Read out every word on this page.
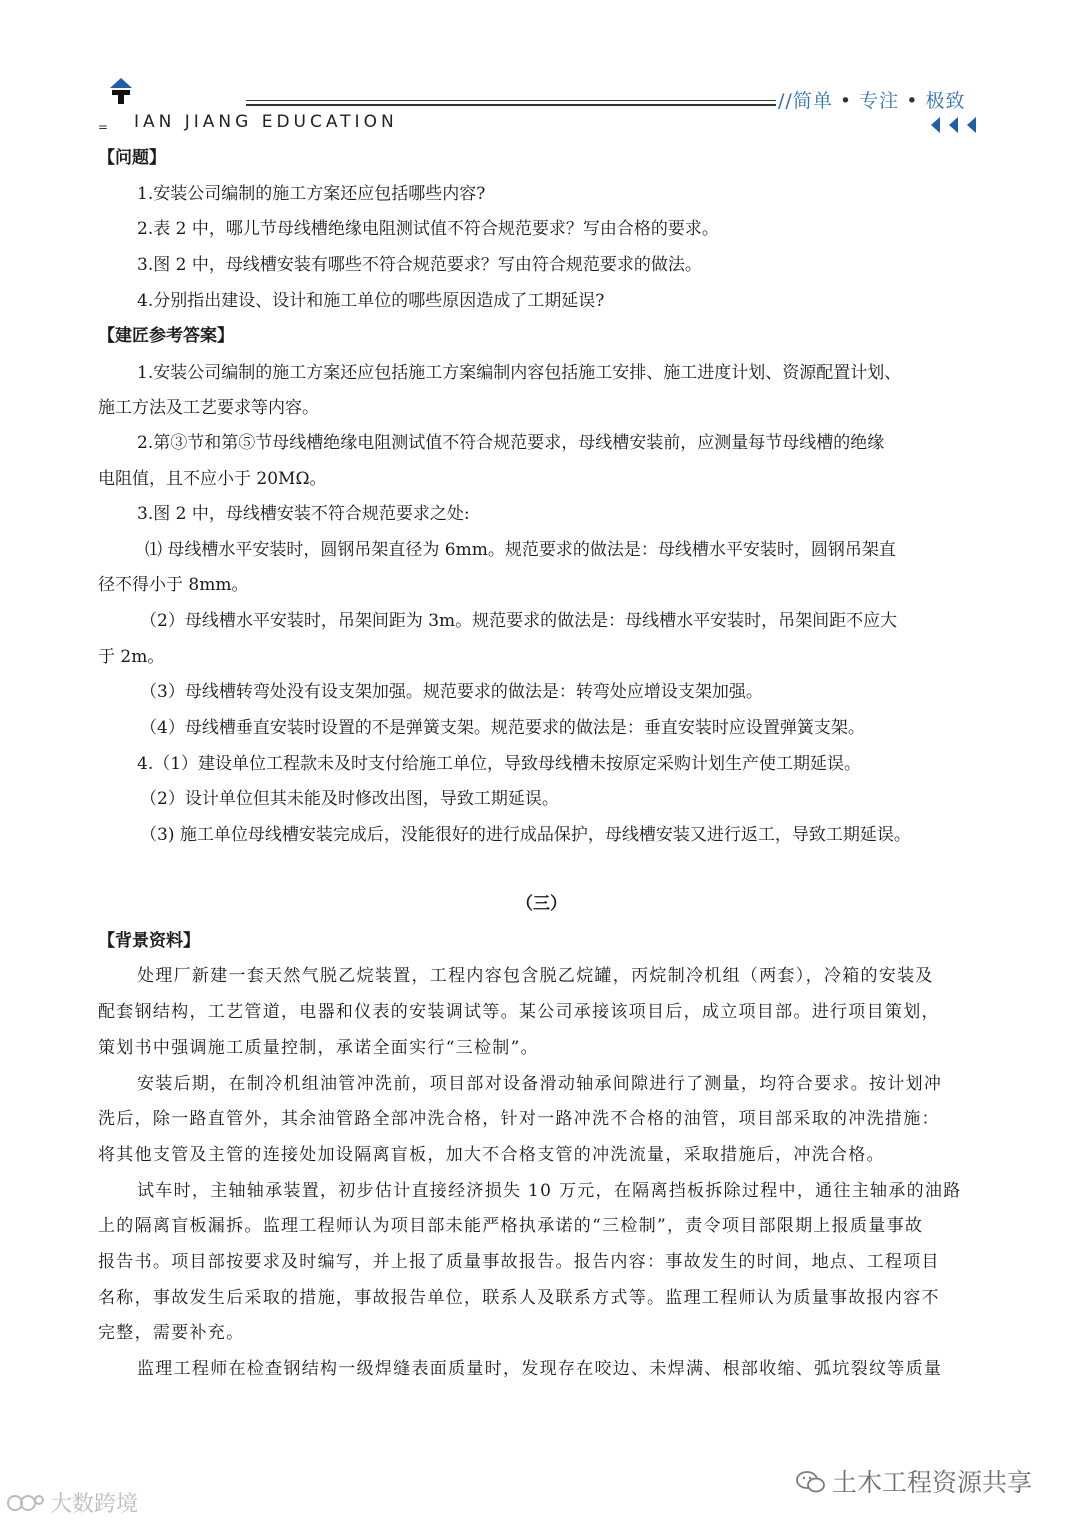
= IAN JIANG EDUCATION
//简单 • 专注 • 极致
【问题】
1.安装公司编制的施工方案还应包括哪些内容?
2.表 2 中，哪儿节母线槽绝缘电阻测试值不符合规范要求？写由合格的要求。
3.图 2 中，母线槽安装有哪些不符合规范要求？写由符合规范要求的做法。
4.分别指出建设、设计和施工单位的哪些原因造成了工期延误?
【建匠参考答案】
1.安装公司编制的施工方案还应包括施工方案编制内容包括施工安排、施工进度计划、资源配置计划、
施工方法及工艺要求等内容。
2.第③节和第⑤节母线槽绝缘电阻测试值不符合规范要求，母线槽安装前，应测量每节母线槽的绝缘
电阻值，且不应小于 20MΩ。
3.图 2 中，母线槽安装不符合规范要求之处:
⑴ 母线槽水平安装时，圆钢吊架直径为 6mm。规范要求的做法是：母线槽水平安装时，圆钢吊架直
径不得小于 8mm。
（2）母线槽水平安装时，吊架间距为 3m。规范要求的做法是：母线槽水平安装时，吊架间距不应大
于 2m。
（3）母线槽转弯处没有设支架加强。规范要求的做法是：转弯处应增设支架加强。
（4）母线槽垂直安装时设置的不是弹簧支架。规范要求的做法是：垂直安装时应设置弹簧支架。
4.（1）建设单位工程款未及时支付给施工单位，导致母线槽未按原定采购计划生产使工期延误。
（2）设计单位但其未能及时修改出图，导致工期延误。
（3) 施工单位母线槽安装完成后，没能很好的进行成品保护，母线槽安装又进行返工，导致工期延误。
（三）
【背景资料】
处理厂新建一套天然气脱乙烷装置，工程内容包含脱乙烷罐，丙烷制冷机组（两套），冷箱的安装及
配套钢结构，工艺管道，电器和仪表的安装调试等。某公司承接该项目后，成立项目部。进行项目策划，
策划书中强调施工质量控制，承诺全面实行“三检制”。
安装后期，在制冷机组油管冲洗前，项目部对设备滑动轴承间隙进行了测量，均符合要求。按计划冲
洗后，除一路直管外，其余油管路全部冲洗合格，针对一路冲洗不合格的油管，项目部采取的冲洗措施：
将其他支管及主管的连接处加设隔离盲板，加大不合格支管的冲洗流量，采取措施后，冲洗合格。
试车时，主轴轴承装置，初步估计直接经济损失 10 万元，在隔离挡板拆除过程中，通往主轴承的油路
上的隔离盲板漏拆。监理工程师认为项目部未能严格执承诺的“三检制”，责令项目部限期上报质量事故
报告书。项目部按要求及时编写，并上报了质量事故报告。报告内容：事故发生的时间，地点、工程项目
名称，事故发生后采取的措施，事故报告单位，联系人及联系方式等。监理工程师认为质量事故报内容不
完整，需要补充。
监理工程师在检查钢结构一级焊缝表面质量时，发现存在咬边、未焊满、根部收缩、弧坑裂纹等质量
土木工程资源共享
大数跨境
